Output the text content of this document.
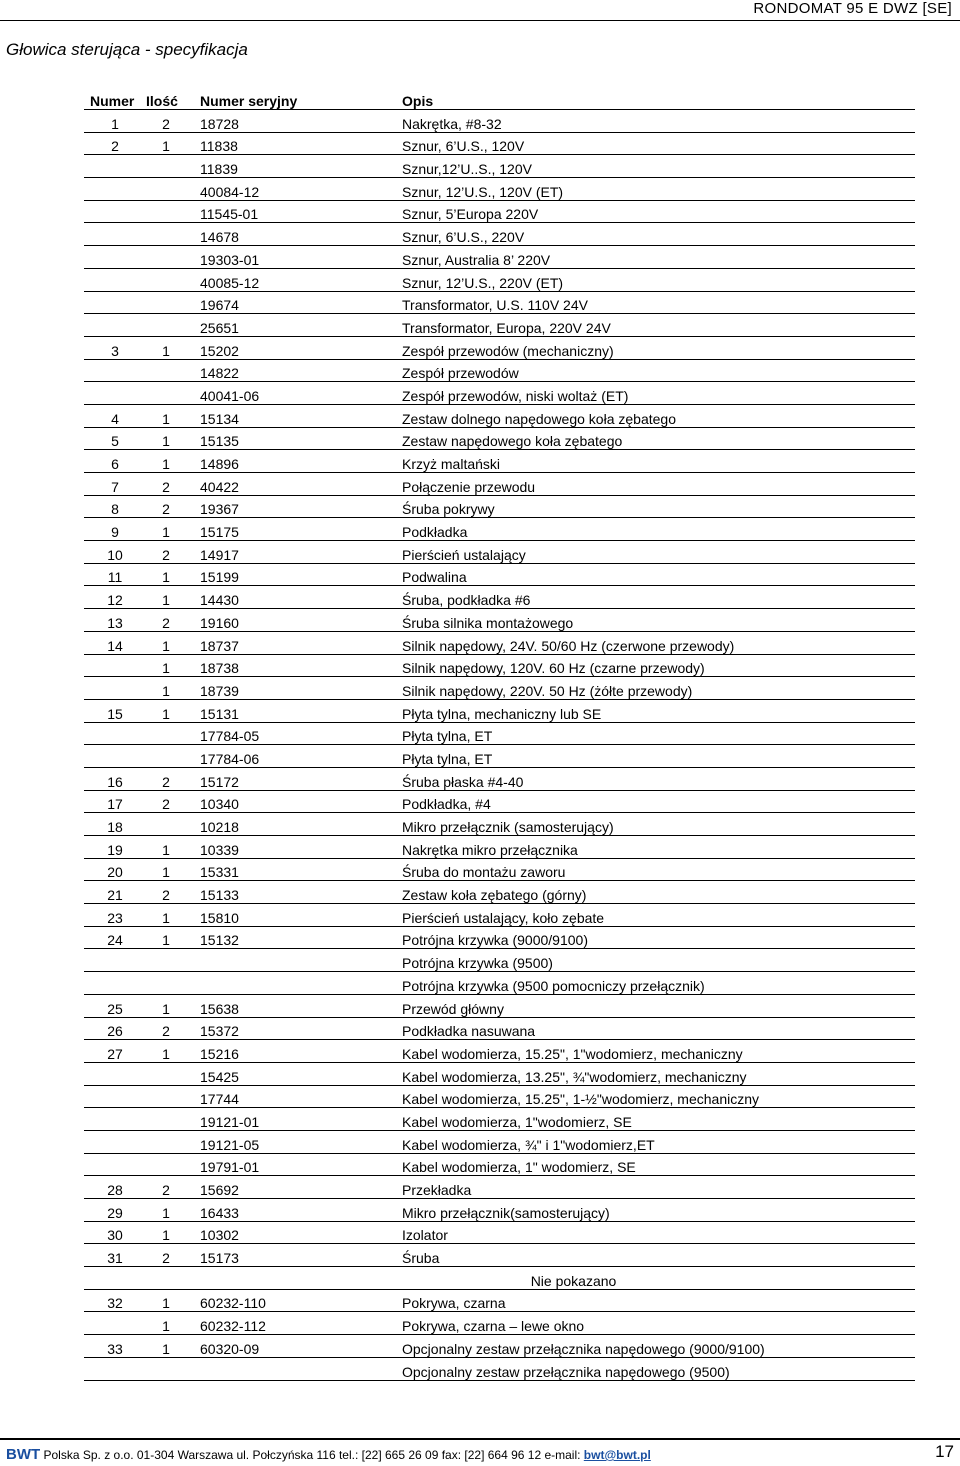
RONDOMAT 95 E DWZ [SE]
Głowica sterująca - specyfikacja
Numer	Ilość	Numer seryjny	Opis
1	2	18728	Nakrętka, #8-32
2	1	11838	Sznur, 6’U.S., 120V
		11839	Sznur,12’U..S., 120V
		40084-12	Sznur, 12’U.S., 120V (ET)
		11545-01	Sznur, 5’Europa 220V
		14678	Sznur, 6’U.S., 220V
		19303-01	Sznur, Australia 8’ 220V
		40085-12	Sznur, 12’U.S., 220V (ET)
		19674	Transformator, U.S. 110V 24V
		25651	Transformator, Europa, 220V 24V
3	1	15202	Zespół przewodów (mechaniczny)
		14822	Zespół przewodów
		40041-06	Zespół przewodów, niski woltaż (ET)
4	1	15134	Zestaw dolnego napędowego koła zębatego
5	1	15135	Zestaw napędowego koła zębatego
6	1	14896	Krzyż maltański
7	2	40422	Połączenie przewodu
8	2	19367	Śruba pokrywy
9	1	15175	Podkładka
10	2	14917	Pierścień ustalający
11	1	15199	Podwalina
12	1	14430	Śruba, podkładka #6
13	2	19160	Śruba silnika montażowego
14	1	18737	Silnik napędowy, 24V. 50/60 Hz (czerwone przewody)
	1	18738	Silnik napędowy, 120V. 60 Hz (czarne przewody)
	1	18739	Silnik napędowy, 220V. 50 Hz (żółte przewody)
15	1	15131	Płyta tylna, mechaniczny lub SE
		17784-05	Płyta tylna, ET
		17784-06	Płyta tylna, ET
16	2	15172	Śruba płaska #4-40
17	2	10340	Podkładka, #4
18		10218	Mikro przełącznik (samosterujący)
19	1	10339	Nakrętka mikro przełącznika
20	1	15331	Śruba do montażu zaworu
21	2	15133	Zestaw koła zębatego (górny)
23	1	15810	Pierścień ustalający, koło zębate
24	1	15132	Potrójna krzywka (9000/9100)
			Potrójna krzywka (9500)
			Potrójna krzywka (9500 pomocniczy przełącznik)
25	1	15638	Przewód główny
26	2	15372	Podkładka nasuwana
27	1	15216	Kabel wodomierza, 15.25", 1"wodomierz, mechaniczny
		15425	Kabel wodomierza, 13.25", ¾"wodomierz, mechaniczny
		17744	Kabel wodomierza, 15.25", 1-½"wodomierz, mechaniczny
		19121-01	Kabel wodomierza, 1"wodomierz, SE
		19121-05	Kabel wodomierza, ¾" i 1"wodomierz,ET
		19791-01	Kabel wodomierza, 1" wodomierz, SE
28	2	15692	Przekładka
29	1	16433	Mikro przełącznik(samosterujący)
30	1	10302	Izolator
31	2	15173	Śruba
			Nie pokazano
32	1	60232-110	Pokrywa, czarna
	1	60232-112	Pokrywa, czarna – lewe okno
33	1	60320-09	Opcjonalny zestaw przełącznika napędowego (9000/9100)
			Opcjonalny zestaw przełącznika napędowego (9500)
BWT Polska Sp. z o.o. 01-304 Warszawa ul. Połczyńska 116 tel.: [22] 665 26 09 fax: [22] 664 96 12 e-mail: bwt@bwt.pl	17
